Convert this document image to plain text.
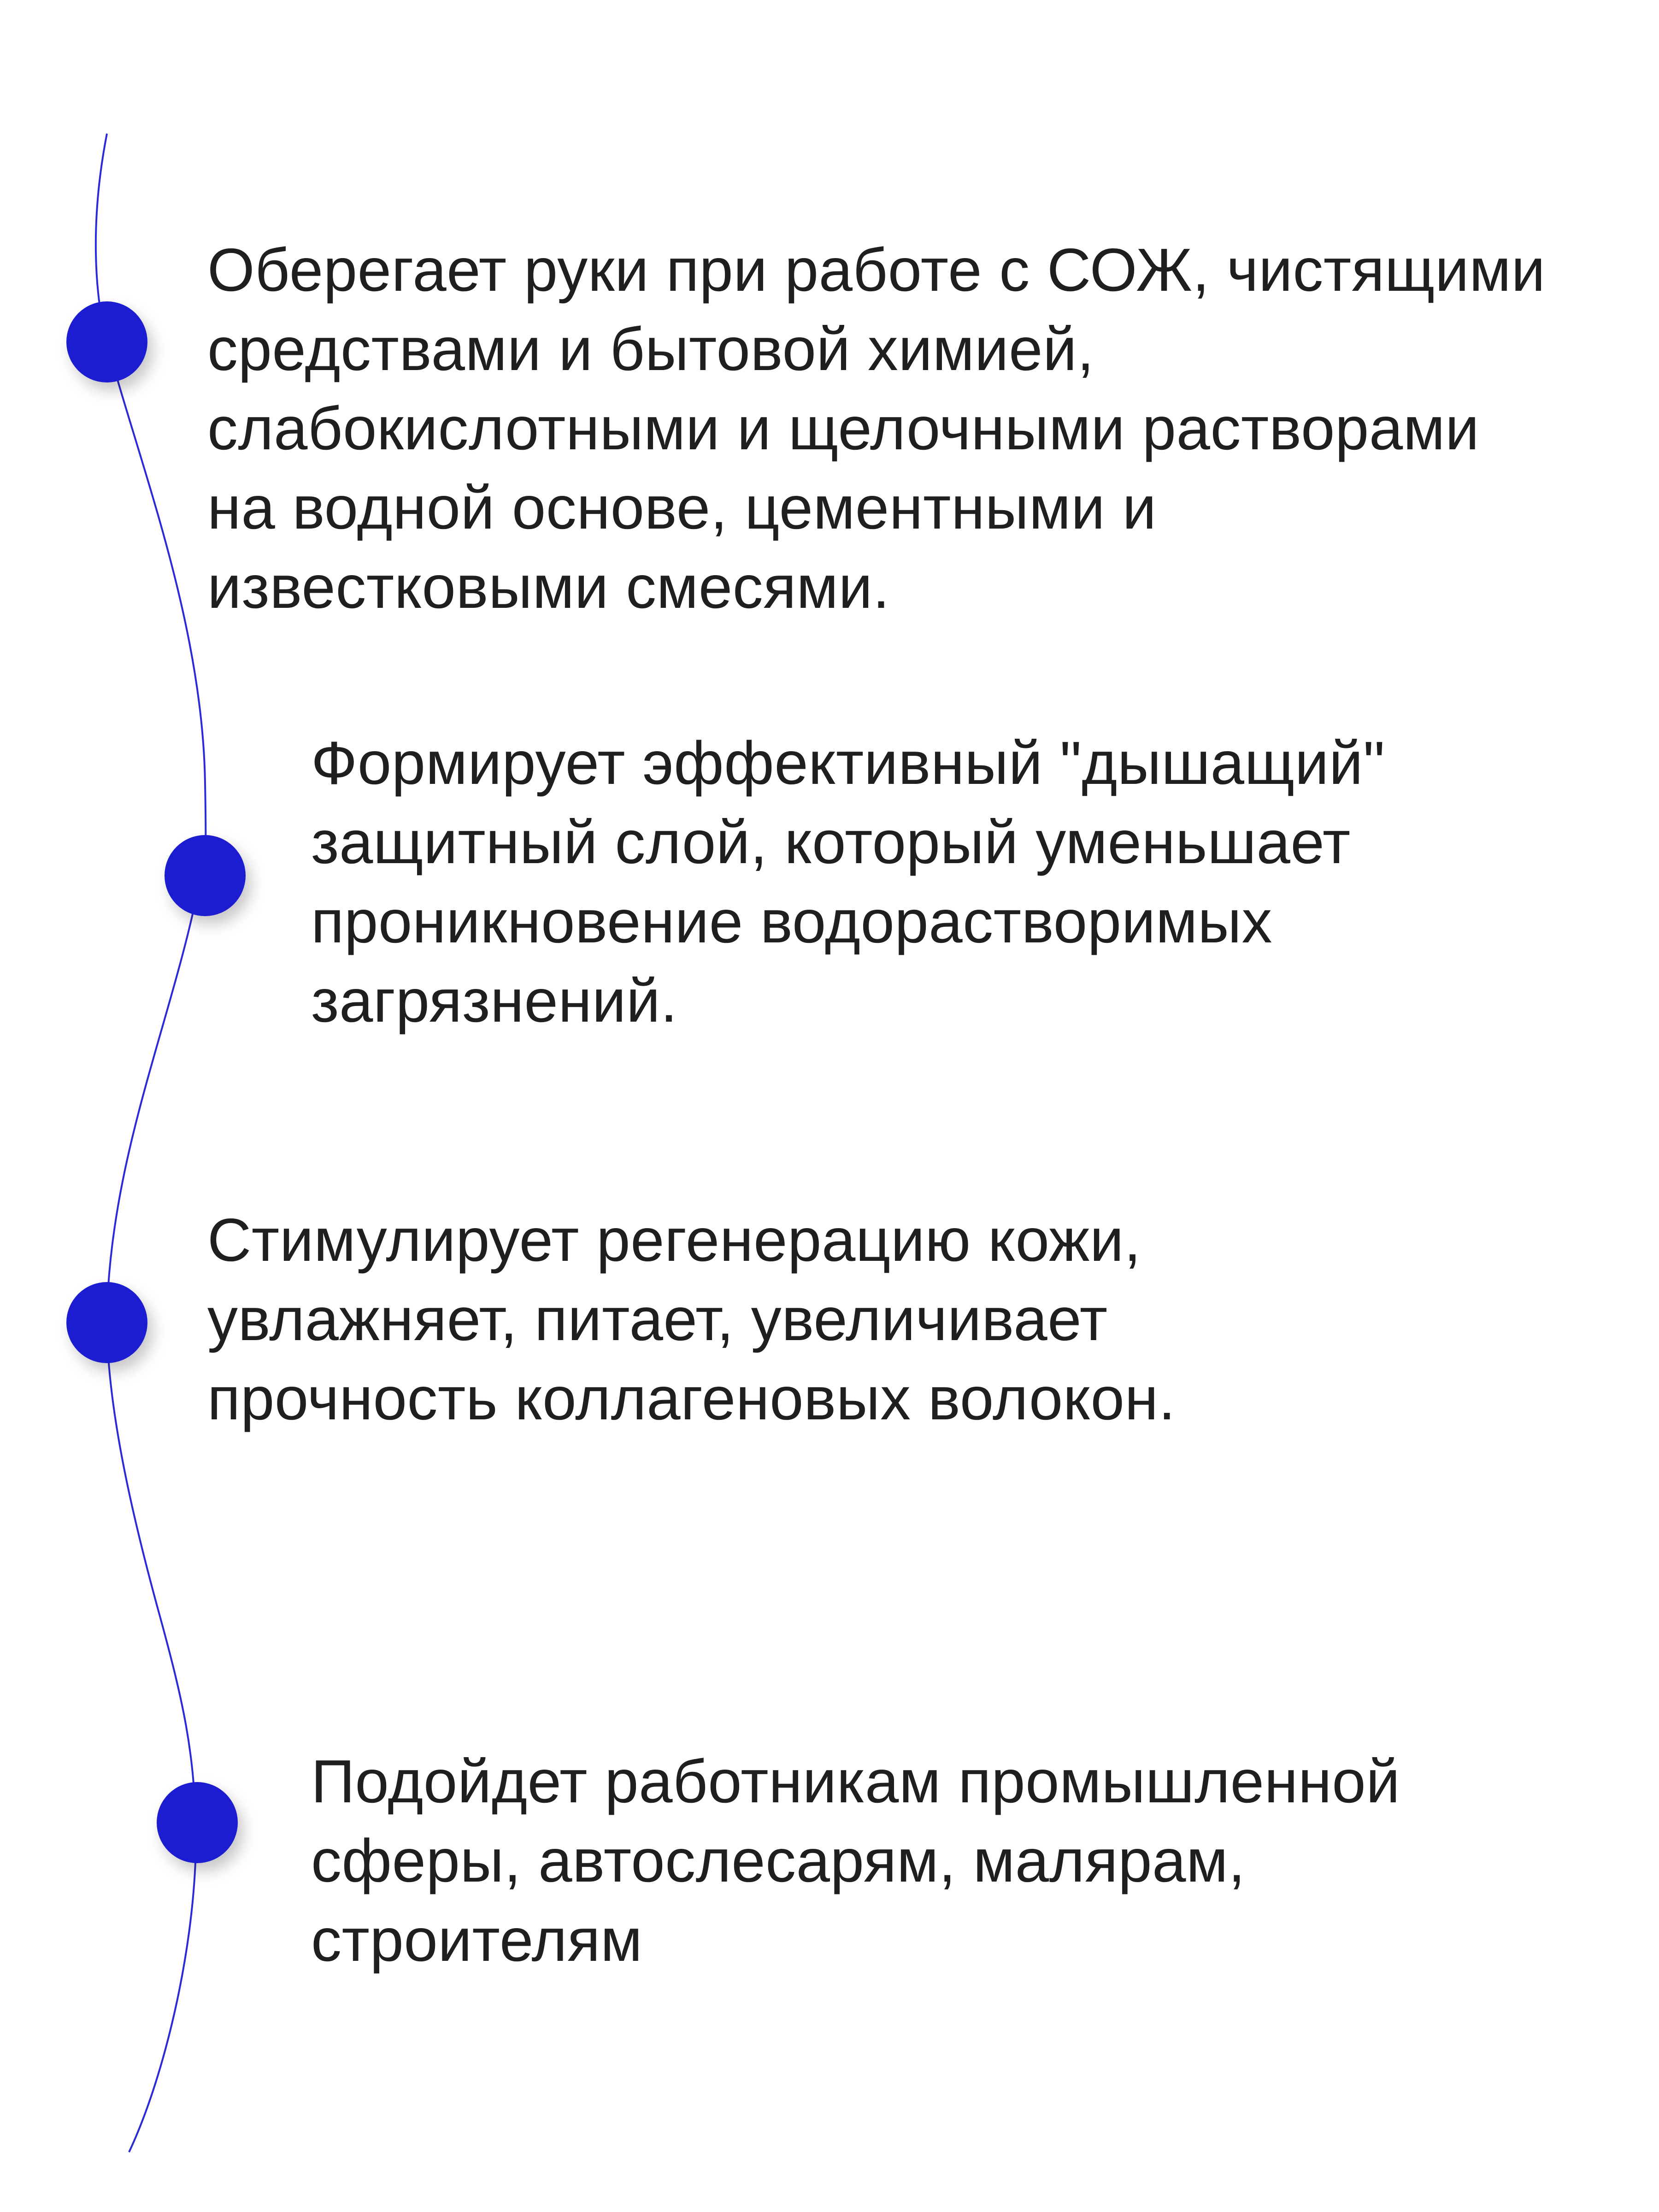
Оберегает руки при работе с СОЖ, чистящими
средствами и бытовой химией,
слабокислотными и щелочными растворами
на водной основе, цементными и
известковыми смесями.
Формирует эффективный "дышащий"
защитный слой, который уменьшает
проникновение водорастворимых
загрязнений.
Стимулирует регенерацию кожи,
увлажняет, питает, увеличивает
прочность коллагеновых волокон.
Подойдет работникам промышленной
сферы, автослесарям, малярам,
строителям
